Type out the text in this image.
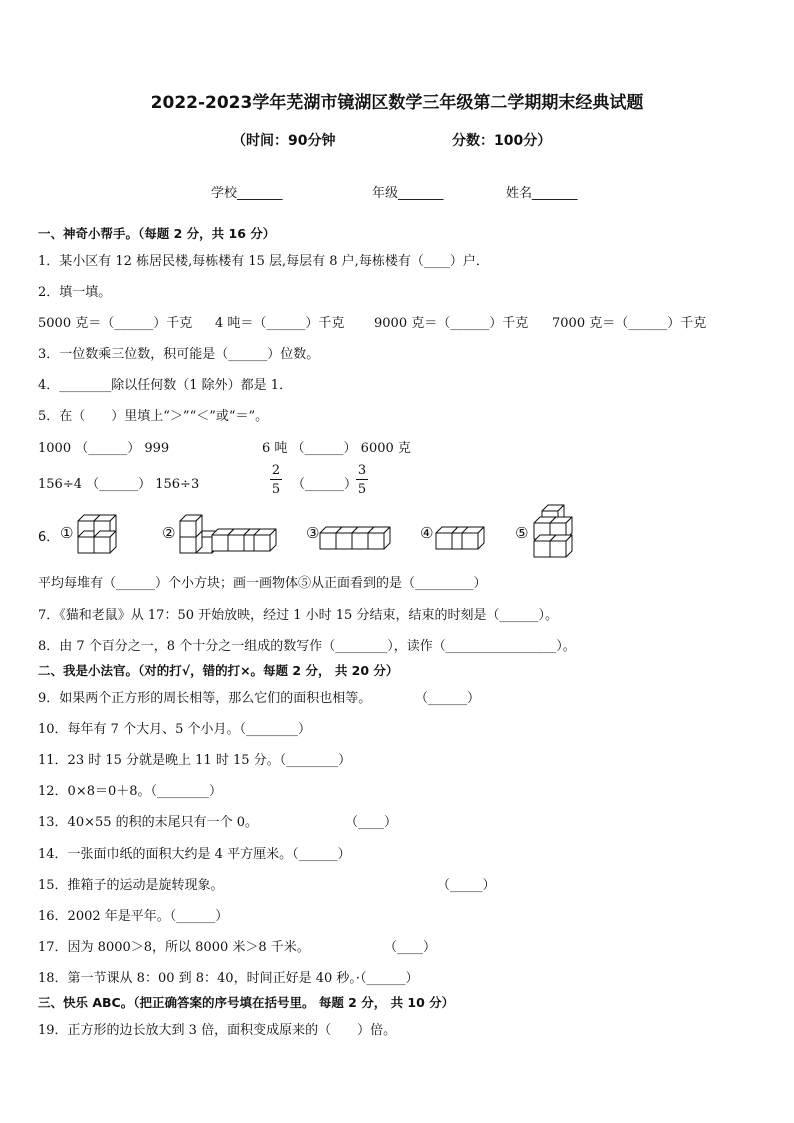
2022-2023学年芜湖市镜湖区数学三年级第二学期期末经典试题
（时间：90分钟	分数：100分）
学校_______	年级_______	姓名_______
一、神奇小帮手。（每题 2 分，共 16 分）
1．某小区有 12 栋居民楼,每栋楼有 15 层,每层有 8 户,每栋楼有（____）户．
2．填一填。
5000 克＝（______）千克 4 吨＝（______）千克 9000 克＝（______）千克 7000 克＝（______）千克
3．一位数乘三位数，积可能是（______）位数。
4．________除以任何数（1 除外）都是 1．
5．在（　　）里填上“＞”“＜”或“＝”。
1000 （______） 999	6 吨 （______） 6000 克
156÷4 （______） 156÷3
2
5 （______）
3
5
6． ①	②	③	④	⑤
平均每堆有（______）个小方块；画一画物体⑤从正面看到的是（_________）
7．《猫和老鼠》从 17：50 开始放映，经过 1 小时 15 分结束，结束的时刻是（______）。
8．由 7 个百分之一，8 个十分之一组成的数写作（________），读作（_________________）。
二、我是小法官。（对的打√，错的打×。每题 2 分， 共 20 分）
9．如果两个正方形的周长相等，那么它们的面积也相等。	（______）
10．每年有 7 个大月、5 个小月。（________）
11．23 时 15 分就是晚上 11 时 15 分。（________）
12．0×8＝0＋8。（________）
13．40×55 的积的末尾只有一个 0。	（____）
14．一张面巾纸的面积大约是 4 平方厘米。（______）
15．推箱子的运动是旋转现象。	（_____）
16．2002 年是平年。（______）
17．因为 8000＞8，所以 8000 米＞8 千米。	（____）
18．第一节课从 8：00 到 8：40，时间正好是 40 秒。·（______）
三、快乐 ABC。（把正确答案的序号填在括号里。 每题 2 分， 共 10 分）
19．正方形的边长放大到 3 倍，面积变成原来的（　　）倍。
